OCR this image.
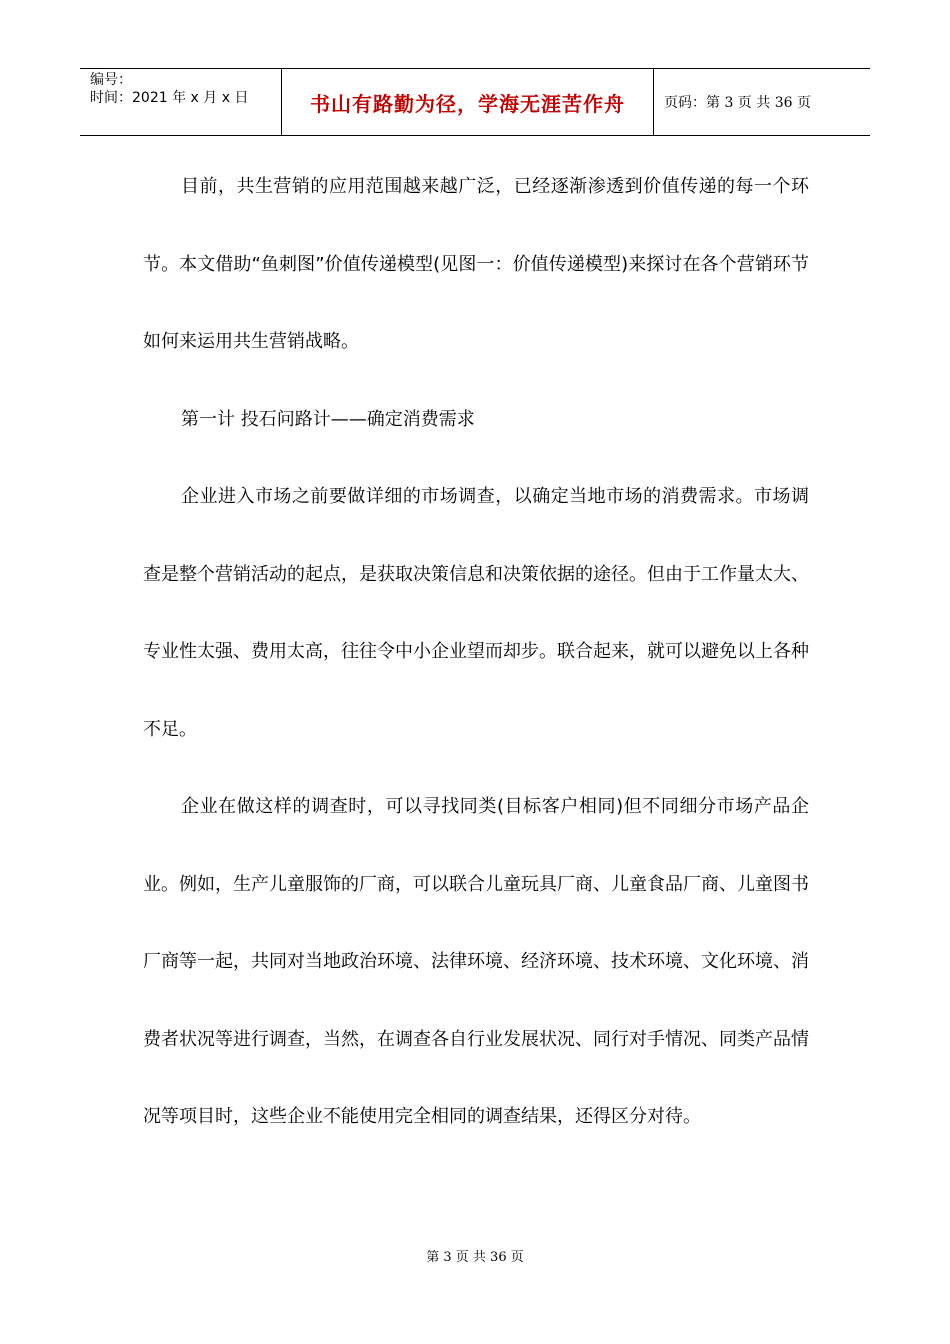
编号：
时间：2021 年 x 月 x 日	书山有路勤为径，学海无涯苦作舟	页码：第 3 页 共 36 页

目前，共生营销的应用范围越来越广泛，已经逐渐渗透到价值传递的每一个环节。本文借助“鱼刺图”价值传递模型(见图一：价值传递模型)来探讨在各个营销环节如何来运用共生营销战略。

第一计 投石问路计——确定消费需求

企业进入市场之前要做详细的市场调查，以确定当地市场的消费需求。市场调查是整个营销活动的起点，是获取决策信息和决策依据的途径。但由于工作量太大、专业性太强、费用太高，往往令中小企业望而却步。联合起来，就可以避免以上各种不足。

企业在做这样的调查时，可以寻找同类(目标客户相同)但不同细分市场产品企业。例如，生产儿童服饰的厂商，可以联合儿童玩具厂商、儿童食品厂商、儿童图书厂商等一起，共同对当地政治环境、法律环境、经济环境、技术环境、文化环境、消费者状况等进行调查，当然，在调查各自行业发展状况、同行对手情况、同类产品情况等项目时，这些企业不能使用完全相同的调查结果，还得区分对待。

第 3 页 共 36 页
